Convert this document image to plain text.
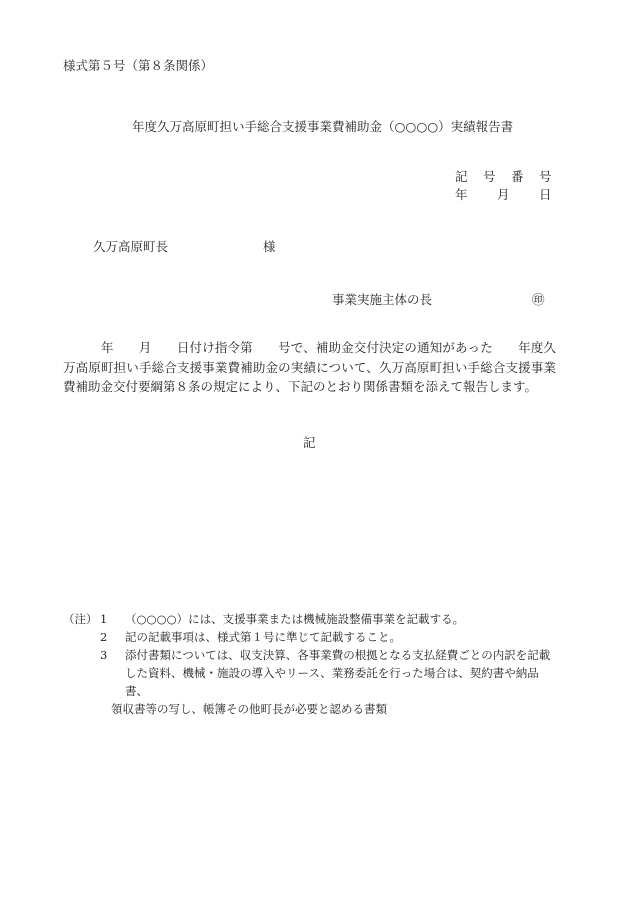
様式第５号（第８条関係）
年度久万高原町担い手総合支援事業費補助金（○○○○）実績報告書
記 号 番 号
年 月 日
久万高原町長	様
事業実施主体の長	㊞
　　　年　　月　　日付け指令第　　号で、補助金交付決定の通知があった　　年度久万高原町担い手総合支援事業費補助金の実績について、久万高原町担い手総合支援事業費補助金交付要綱第８条の規定により、下記のとおり関係書類を添えて報告します。
記
（注） 1 （○○○○）には、支援事業または機械施設整備事業を記載する。
2 記の記載事項は、様式第１号に準じて記載すること。
3 添付書類については、収支決算、各事業費の根拠となる支払経費ごとの内訳を記載
した資料、機械・施設の導入やリース、業務委託を行った場合は、契約書や納品書、
領収書等の写し、帳簿その他町長が必要と認める書類
